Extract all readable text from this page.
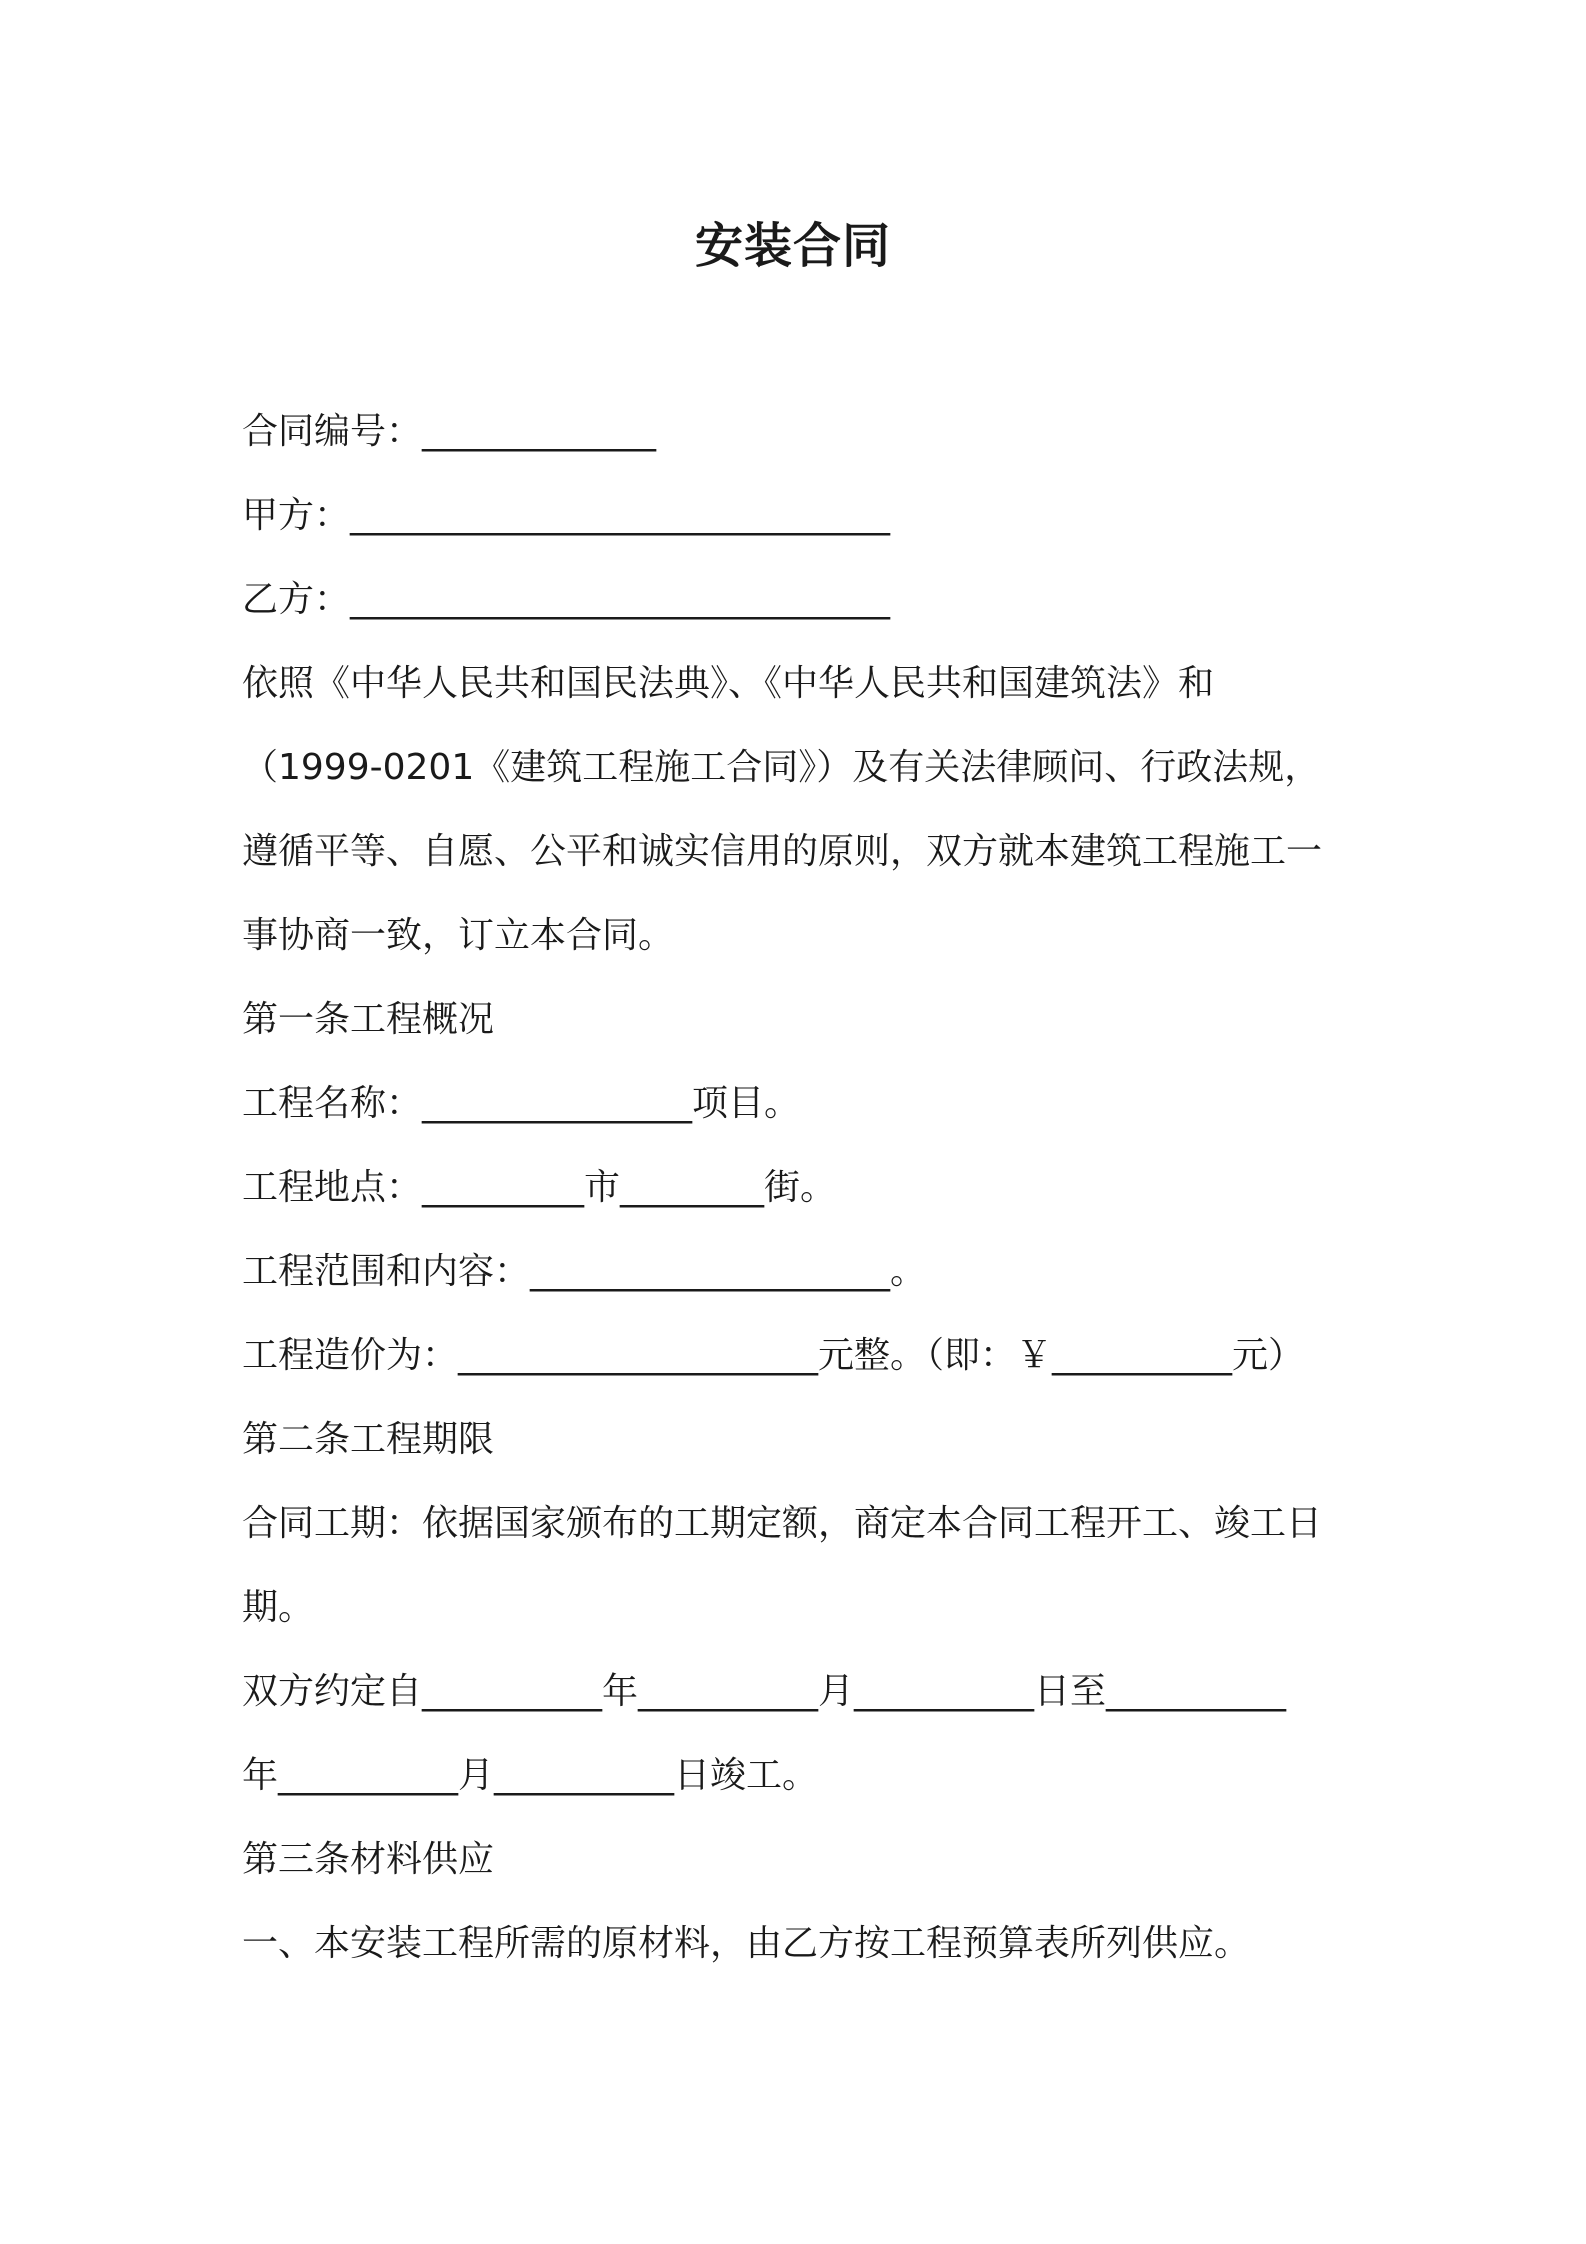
安装合同
合同编号：_____________
甲方：______________________________
乙方：______________________________
依照《中华人民共和国民法典》、《中华人民共和国建筑法》和
（1999-0201《建筑工程施工合同》）及有关法律顾问、行政法规，
遵循平等、自愿、公平和诚实信用的原则，双方就本建筑工程施工一
事协商一致，订立本合同。
第一条工程概况
工程名称：_______________项目。
工程地点：_________市________街。
工程范围和内容：____________________。
工程造价为：____________________元整。（即：￥__________元）
第二条工程期限
合同工期：依据国家颁布的工期定额，商定本合同工程开工、竣工日
期。
双方约定自__________年__________月__________日至__________
年__________月__________日竣工。
第三条材料供应
一、本安装工程所需的原材料，由乙方按工程预算表所列供应。
